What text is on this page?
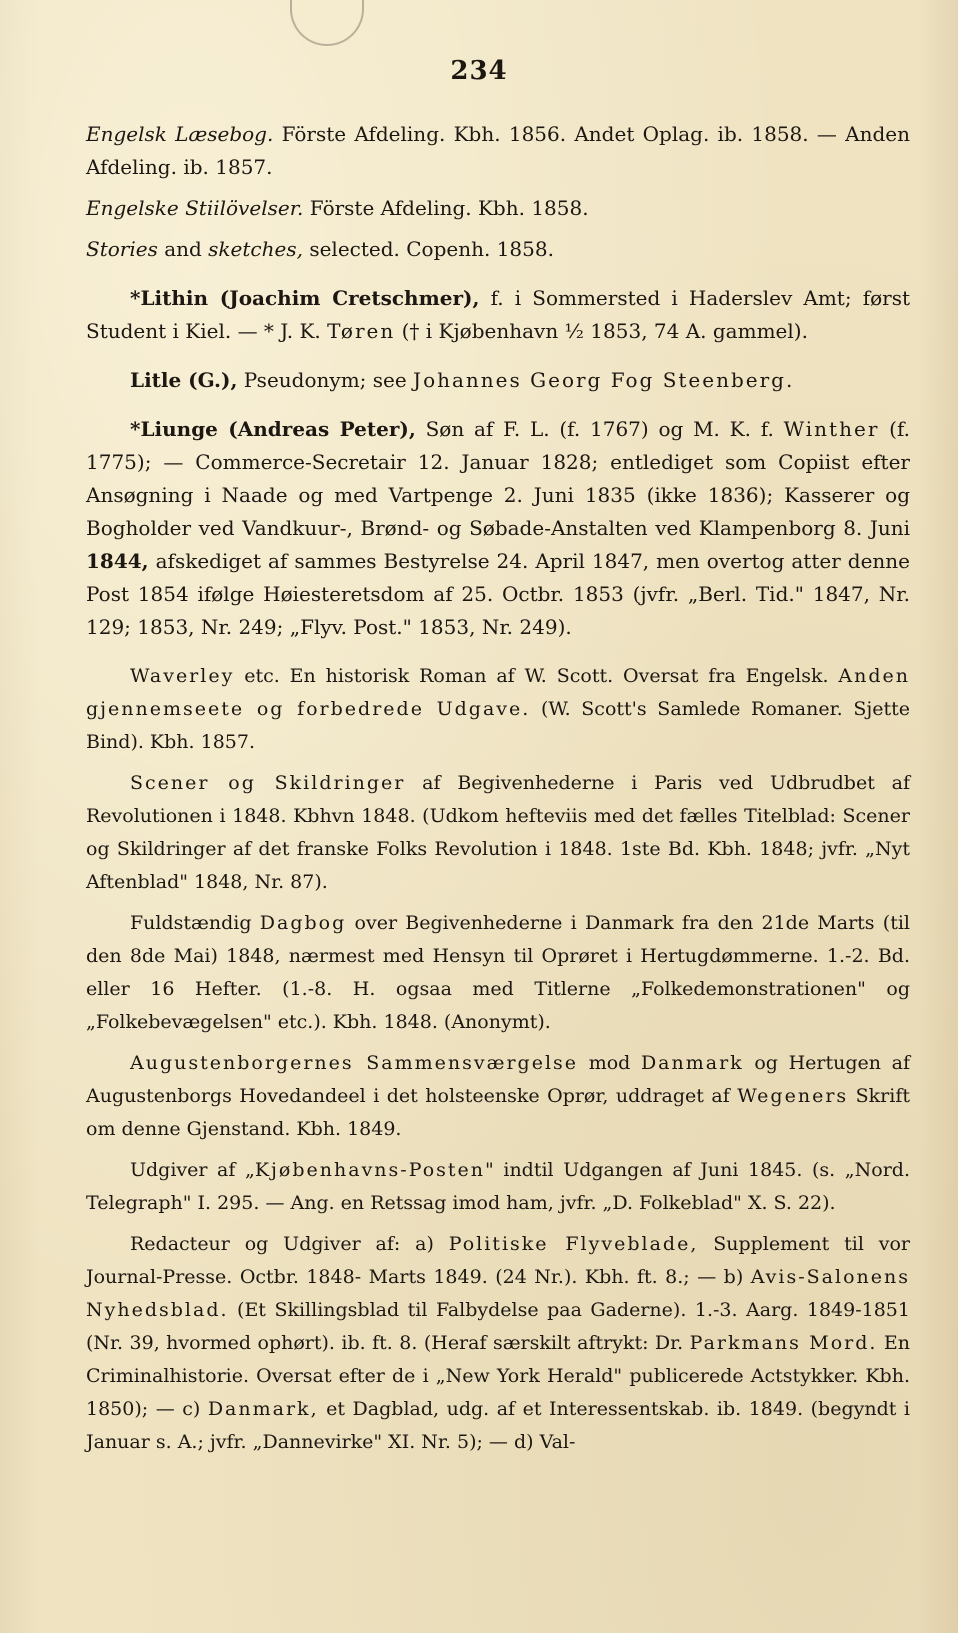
234

Engelsk Læsebog. Förste Afdeling. Kbh. 1856. Andet Oplag. ib. 1858. — Anden Afdeling. ib. 1857.

Engelske Stiilövelser. Förste Afdeling. Kbh. 1858.

Stories and sketches, selected. Copenh. 1858.

*Lithin (Joachim Cretschmer), f. i Sommersted i Haderslev Amt; først Student i Kiel. — * J. K. Tøren († i Kjøbenhavn ½ 1853, 74 A. gammel).

Litle (G.), Pseudonym; see Johannes Georg Fog Steenberg.

*Liunge (Andreas Peter), Søn af F. L. (f. 1767) og M. K. f. Winther (f. 1775); — Commerce-Secretair 12. Januar 1828; entlediget som Copiist efter Ansøgning i Naade og med Vartpenge 2. Juni 1835 (ikke 1836); Kasserer og Bogholder ved Vandkuur-, Brønd- og Søbade-Anstalten ved Klampenborg 8. Juni 1844, afskediget af sammes Bestyrelse 24. April 1847, men overtog atter denne Post 1854 ifølge Høiesteretsdom af 25. Octbr. 1853 (jvfr. „Berl. Tid." 1847, Nr. 129; 1853, Nr. 249; „Flyv. Post." 1853, Nr. 249).

Waverley etc. En historisk Roman af W. Scott. Oversat fra Engelsk. Anden gjennemseete og forbedrede Udgave. (W. Scott's Samlede Romaner. Sjette Bind). Kbh. 1857.

Scener og Skildringer af Begivenhederne i Paris ved Udbrudbet af Revolutionen i 1848. Kbhvn 1848. (Udkom hefteviis med det fælles Titelblad: Scener og Skildringer af det franske Folks Revolution i 1848. 1ste Bd. Kbh. 1848; jvfr. „Nyt Aftenblad" 1848, Nr. 87).

Fuldstændig Dagbog over Begivenhederne i Danmark fra den 21de Marts (til den 8de Mai) 1848, nærmest med Hensyn til Oprøret i Hertugdømmerne. 1.-2. Bd. eller 16 Hefter. (1.-8. H. ogsaa med Titlerne „Folkedemonstrationen" og „Folkebevægelsen" etc.). Kbh. 1848. (Anonymt).

Augustenborgernes Sammensværgelse mod Danmark og Hertugen af Augustenborgs Hovedandeel i det holsteenske Oprør, uddraget af Wegeners Skrift om denne Gjenstand. Kbh. 1849.

Udgiver af „Kjøbenhavns-Posten" indtil Udgangen af Juni 1845. (s. „Nord. Telegraph" I. 295. — Ang. en Retssag imod ham, jvfr. „D. Folkeblad" X. S. 22).

Redacteur og Udgiver af: a) Politiske Flyveblade, Supplement til vor Journal-Presse. Octbr. 1848- Marts 1849. (24 Nr.). Kbh. ft. 8.; — b) Avis-Salonens Nyhedsblad. (Et Skillingsblad til Falbydelse paa Gaderne). 1.-3. Aarg. 1849-1851 (Nr. 39, hvormed ophørt). ib. ft. 8. (Heraf særskilt aftrykt: Dr. Parkmans Mord. En Criminalhistorie. Oversat efter de i „New York Herald" publicerede Actstykker. Kbh. 1850); — c) Danmark, et Dagblad, udg. af et Interessentskab. ib. 1849. (begyndt i Januar s. A.; jvfr. „Dannevirke" XI. Nr. 5); — d) Val-
